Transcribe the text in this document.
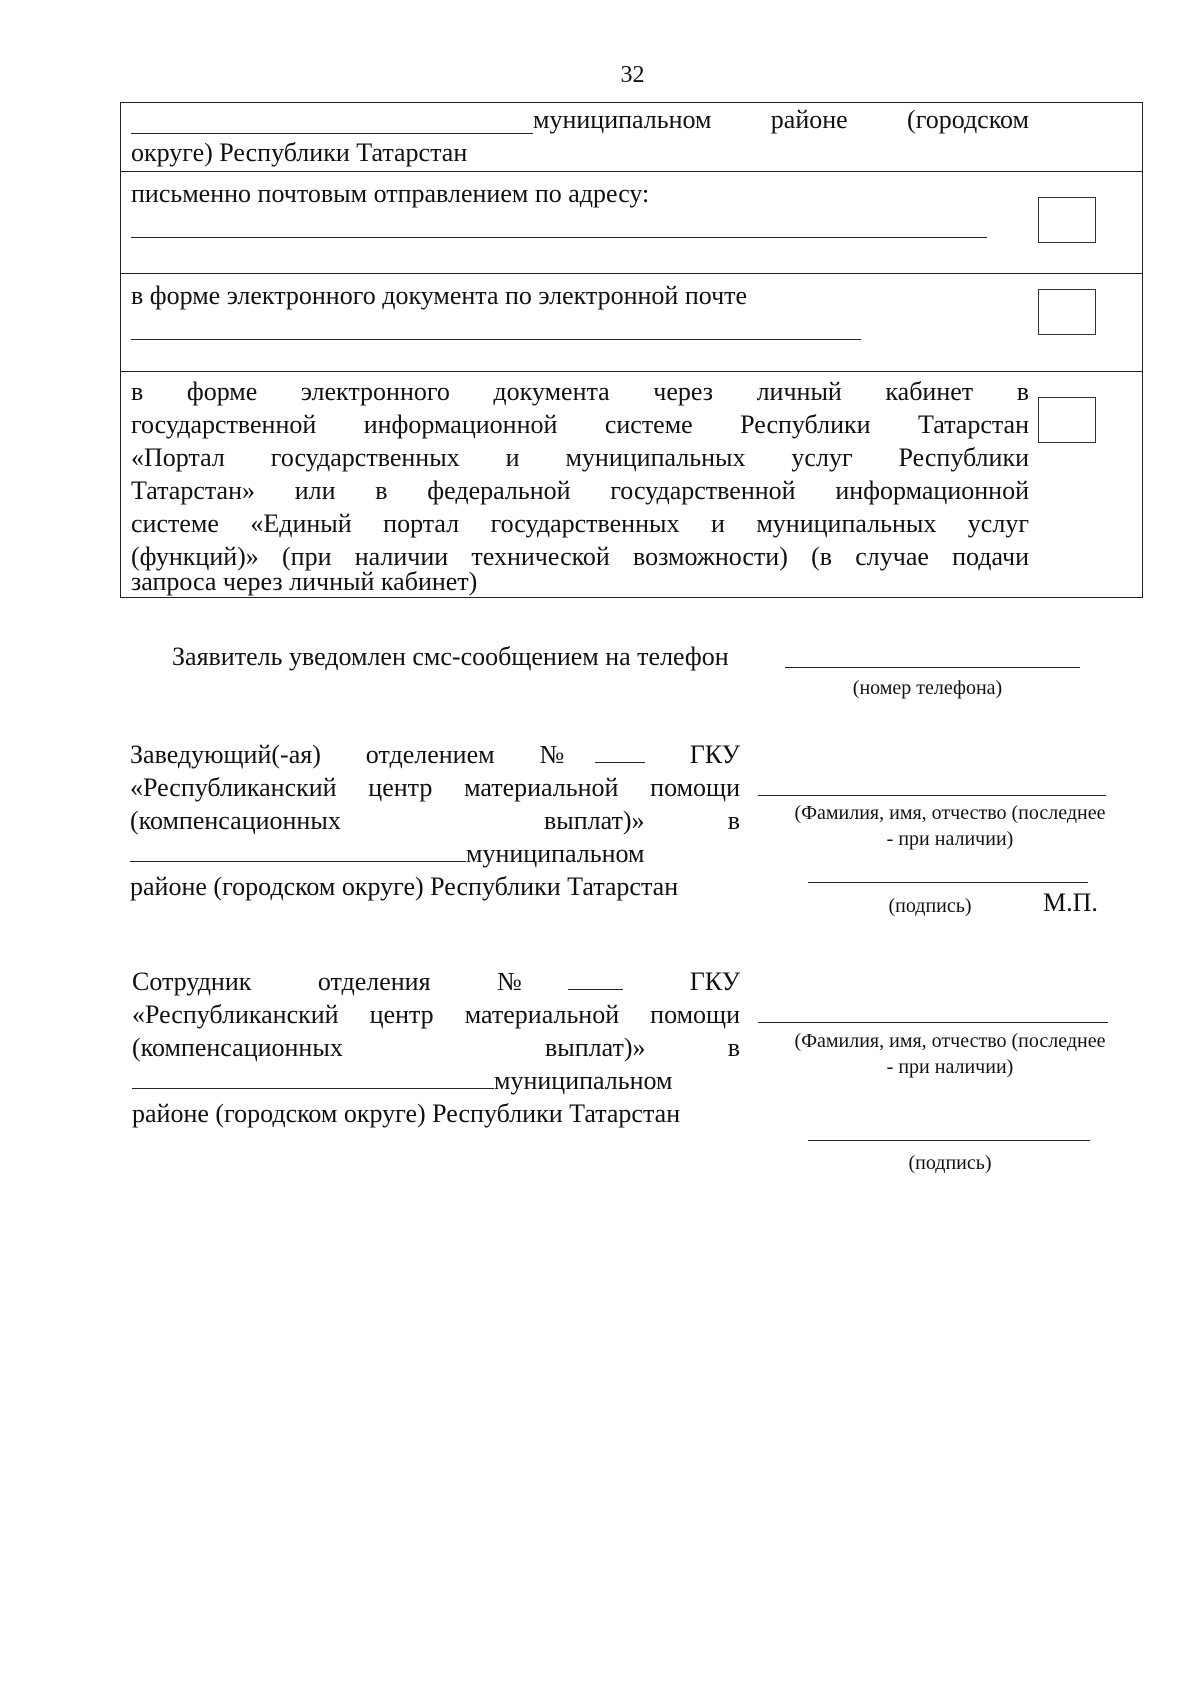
32
муниципальном районе (городском
округе) Республики Татарстан
письменно почтовым отправлением по адресу:
в форме электронного документа по электронной почте
в форме электронного документа через личный кабинет в
государственной информационной системе Республики Татарстан
«Портал государственных и муниципальных услуг Республики
Татарстан» или в федеральной государственной информационной
системе «Единый портал государственных и муниципальных услуг
(функций)» (при наличии технической возможности) (в случае подачи
запроса через личный кабинет)
Заявитель уведомлен смс-сообщением на телефон
(номер телефона)
Заведующий(-ая) отделением №	ГКУ
«Республиканский центр материальной помощи
(компенсационных	выплат)»	в
муниципальном
районе (городском округе) Республики Татарстан
(Фамилия, имя, отчество (последнее
- при наличии)
(подпись)	М.П.
Сотрудник	отделения	№	ГКУ
«Республиканский центр материальной помощи
(компенсационных	выплат)»	в
муниципальном
районе (городском округе) Республики Татарстан
(Фамилия, имя, отчество (последнее
- при наличии)
(подпись)
